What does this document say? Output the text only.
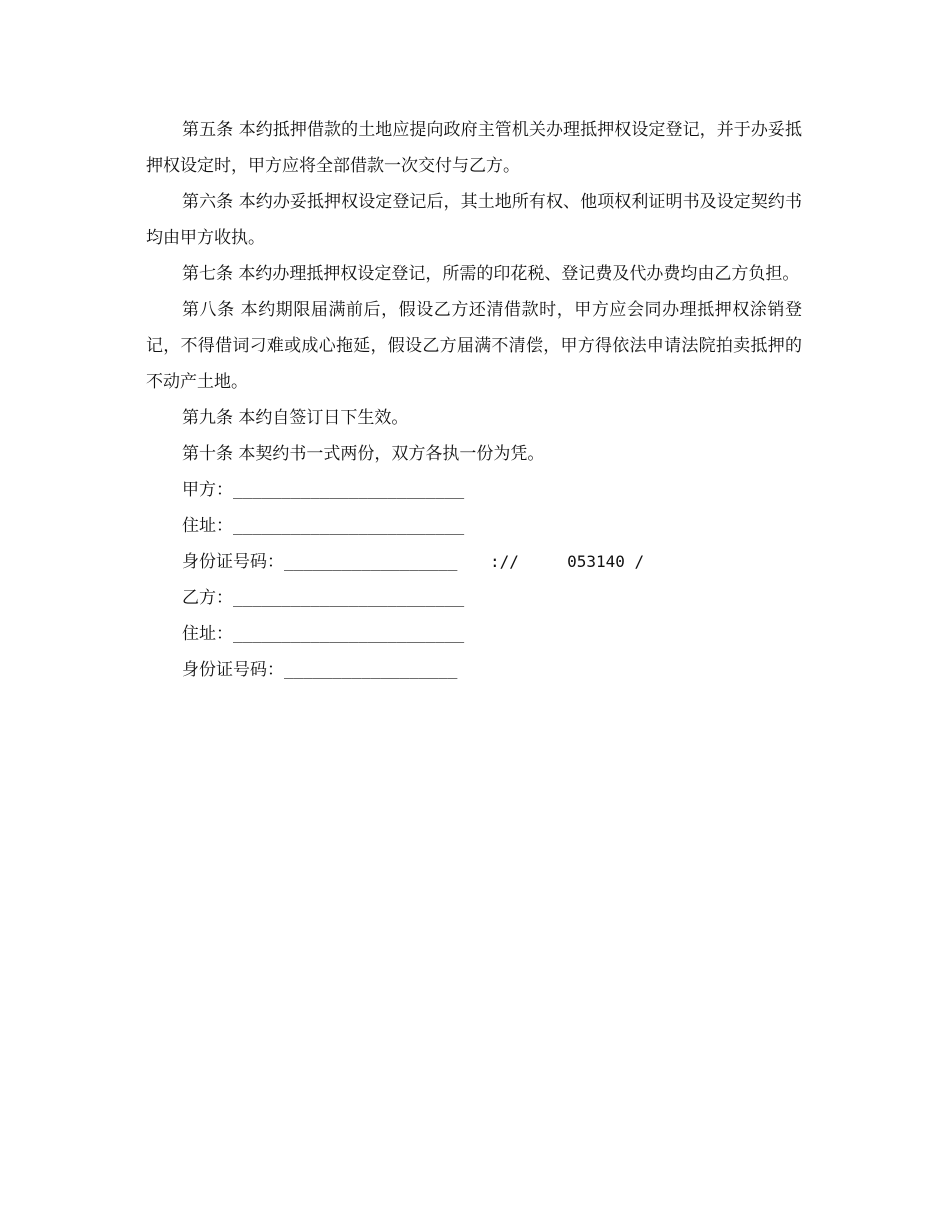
第五条 本约抵押借款的土地应提向政府主管机关办理抵押权设定登记，并于办妥抵押权设定时，甲方应将全部借款一次交付与乙方。

第六条 本约办妥抵押权设定登记后，其土地所有权、他项权利证明书及设定契约书均由甲方收执。

第七条 本约办理抵押权设定登记，所需的印花税、登记费及代办费均由乙方负担。

第八条 本约期限届满前后，假设乙方还清借款时，甲方应会同办理抵押权涂销登记，不得借词刁难或成心拖延，假设乙方届满不清偿，甲方得依法申请法院拍卖抵押的不动产土地。

第九条 本约自签订日下生效。

第十条 本契约书一式两份，双方各执一份为凭。

甲方： ________________________
住址： ________________________
身份证号码： __________________ ://     053140 /
乙方： ________________________
住址： ________________________
身份证号码： __________________
